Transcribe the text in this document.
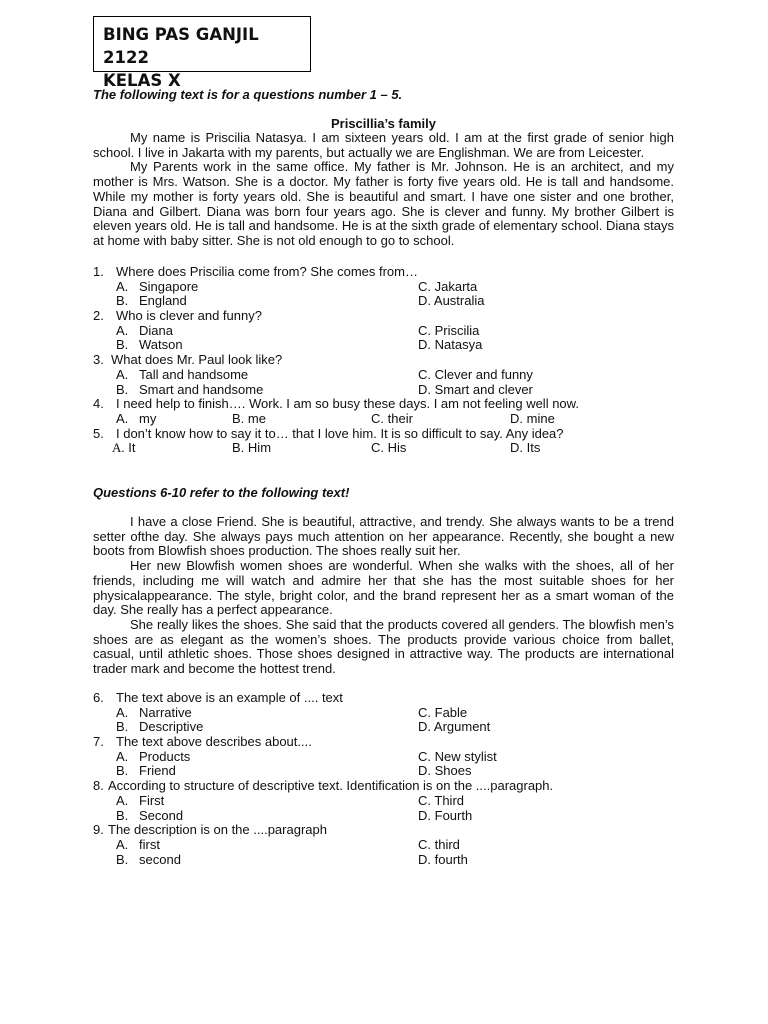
BING PAS GANJIL 2122
KELAS X
The following text is for a questions number 1 – 5.
Priscillia’s family

My name is Priscilia Natasya. I am sixteen years old. I am at the first grade of senior high school. I live in Jakarta with my parents, but actually we are Englishman. We are from Leicester.

My Parents work in the same office. My father is Mr. Johnson. He is an architect, and my mother is Mrs. Watson. She is a doctor. My father is forty five years old. He is tall and handsome. While my mother is forty years old. She is beautiful and smart. I have one sister and one brother, Diana and Gilbert. Diana was born four years ago. She is clever and funny. My brother Gilbert is eleven years old. He is tall and handsome. He is at the sixth grade of elementary school. Diana stays at home with baby sitter. She is not old enough to go to school.

1. Where does Priscilia come from? She comes from…
A. Singapore	C. Jakarta
B. England	D. Australia
2. Who is clever and funny?
A. Diana	C. Priscilia
B. Watson	D. Natasya
3. What does Mr. Paul look like?
A. Tall and handsome	C. Clever and funny
B. Smart and handsome	D. Smart and clever
4. I need help to finish…. Work. I am so busy these days. I am not feeling well now.
A. my	B. me	C. their	D. mine
5. I don’t know how to say it to… that I love him. It is so difficult to say. Any idea?
A. It	B. Him	C. His	D. Its
Questions 6-10 refer to the following text!

I have a close Friend. She is beautiful, attractive, and trendy. She always wants to be a trend setter ofthe day. She always pays much attention on her appearance. Recently, she bought a new boots from Blowfish shoes production. The shoes really suit her.

Her new Blowfish women shoes are wonderful. When she walks with the shoes, all of her friends, including me will watch and admire her that she has the most suitable shoes for her physicalappearance. The style, bright color, and the brand represent her as a smart woman of the day. She really has a perfect appearance.

She really likes the shoes. She said that the products covered all genders. The blowfish men’s shoes are as elegant as the women’s shoes. The products provide various choice from ballet, casual, until athletic shoes. Those shoes designed in attractive way. The products are international trader mark and become the hottest trend.

6. The text above is an example of .... text
A. Narrative	C. Fable
B. Descriptive	D. Argument
7. The text above describes about....
A. Products	C. New stylist
B. Friend	D. Shoes
8. According to structure of descriptive text. Identification is on the ....paragraph.
A. First	C. Third
B. Second	D. Fourth
9. The description is on the ....paragraph
A. first	C. third
B. second	D. fourth
